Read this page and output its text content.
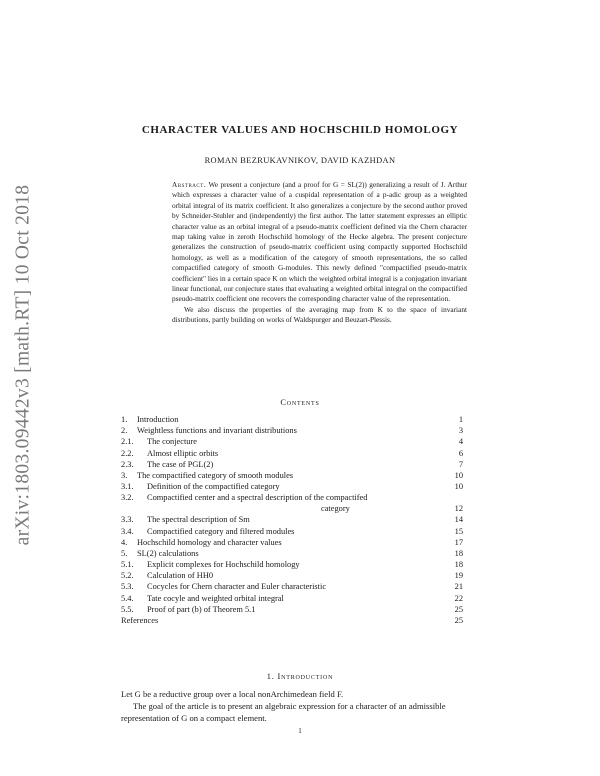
arXiv:1803.09442v3 [math.RT] 10 Oct 2018
CHARACTER VALUES AND HOCHSCHILD HOMOLOGY
ROMAN BEZRUKAVNIKOV, DAVID KAZHDAN

Abstract. We present a conjecture (and a proof for G = SL(2)) generalizing a result of J. Arthur which expresses a character value of a cuspidal representation of a p-adic group as a weighted orbital integral of its matrix coefficient. It also generalizes a conjecture by the second author proved by Schneider-Stuhler and (independently) the first author. The latter statement expresses an elliptic character value as an orbital integral of a pseudo-matrix coefficient defined via the Chern character map taking value in zeroth Hochschild homology of the Hecke algebra. The present conjecture generalizes the construction of pseudo-matrix coefficient using compactly supported Hochschild homology, as well as a modification of the category of smooth representations, the so called compactified category of smooth G-modules. This newly defined "compactified pseudo-matrix coefficient" lies in a certain space K on which the weighted orbital integral is a conjugation invariant linear functional, our conjecture states that evaluating a weighted orbital integral on the compactified pseudo-matrix coefficient one recovers the corresponding character value of the representation.

We also discuss the properties of the averaging map from K to the space of invariant distributions, partly building on works of Waldspurger and Beuzart-Plessis.

Contents
1. Introduction	1
2. Weightless functions and invariant distributions	3
2.1. The conjecture	4
2.2. Almost elliptic orbits	6
2.3. The case of PGL(2)	7
3. The compactified category of smooth modules	10
3.1. Definition of the compactified category	10
3.2. Compactified center and a spectral description of the compactifed
category	12
3.3. The spectral description of Sm	14
3.4. Compactified category and filtered modules	15
4. Hochschild homology and character values	17
5. SL(2) calculations	18
5.1. Explicit complexes for Hochschild homology	18
5.2. Calculation of HH0	19
5.3. Cocycles for Chern character and Euler characteristic	21
5.4. Tate cocyle and weighted orbital integral	22
5.5. Proof of part (b) of Theorem 5.1	25
References	25
1. Introduction

Let G be a reductive group over a local nonArchimedean field F.

The goal of the article is to present an algebraic expression for a character of an admissible representation of G on a compact element.

1
